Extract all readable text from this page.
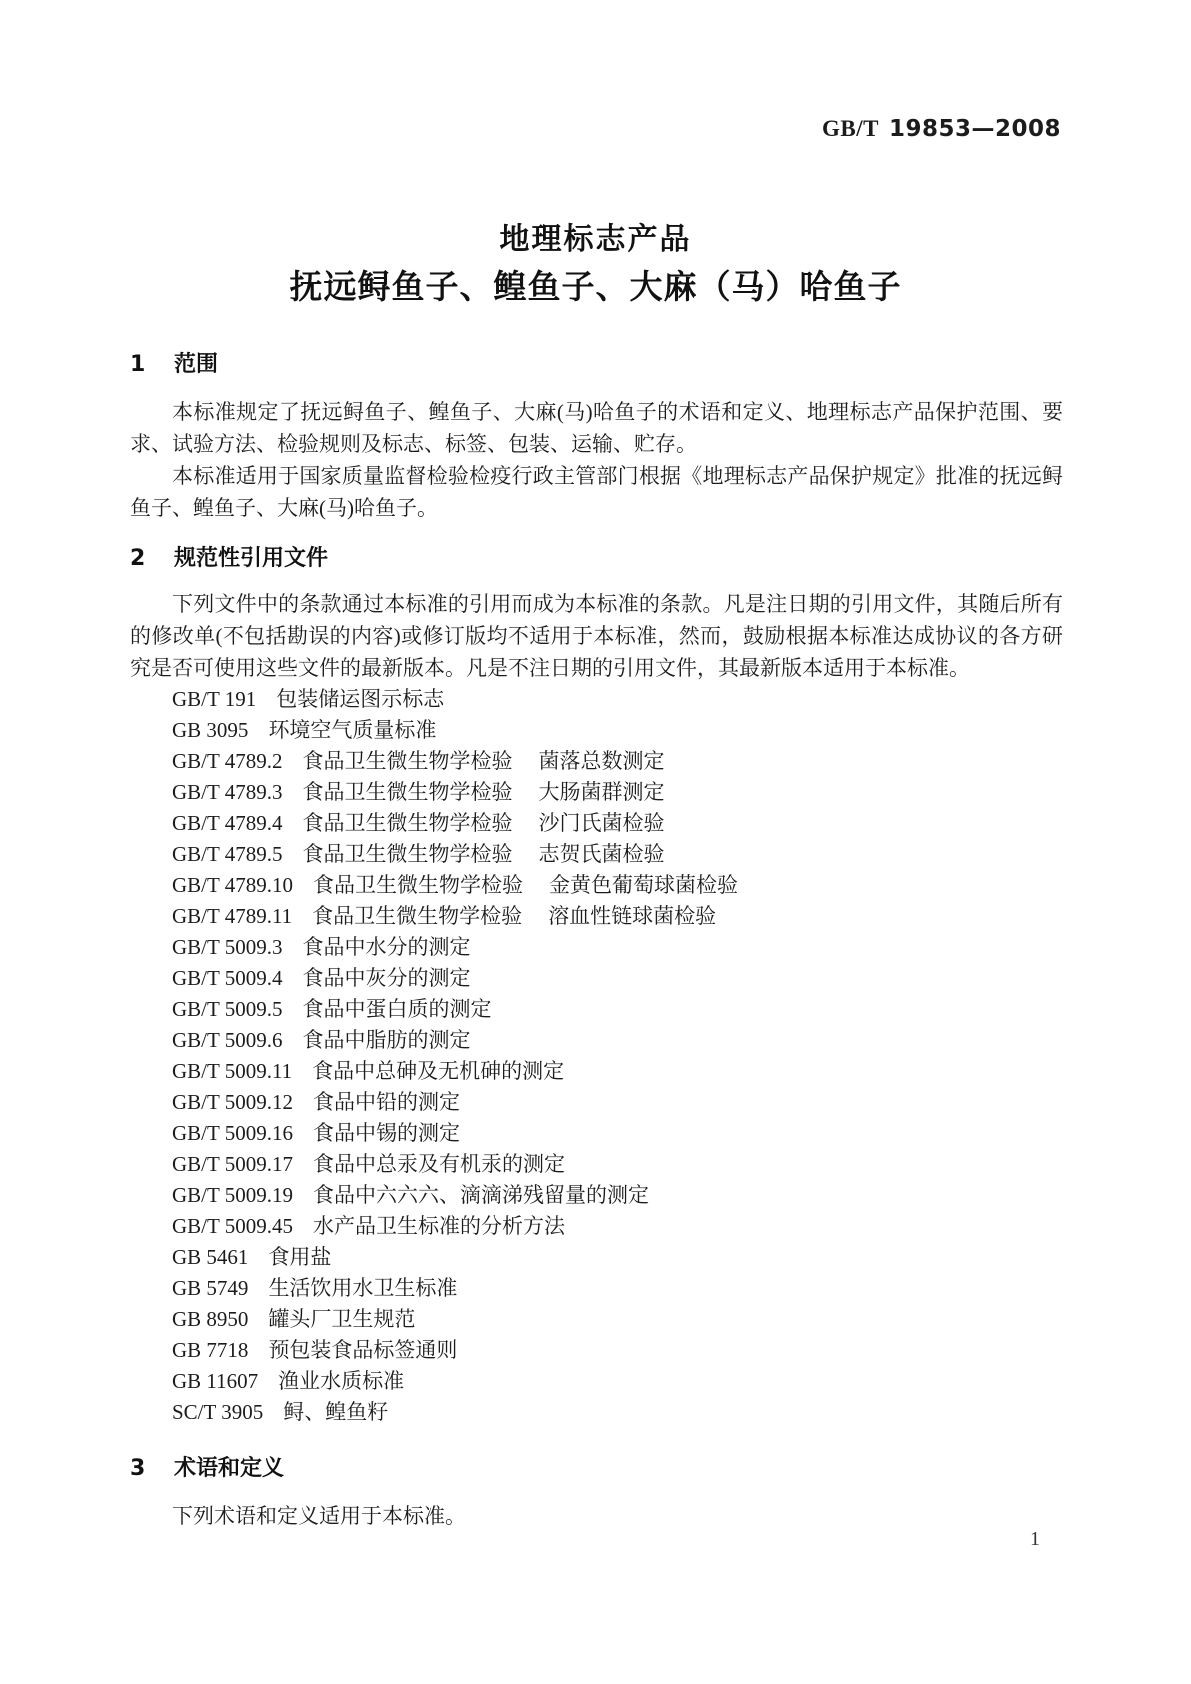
GB/T 19853—2008
地理标志产品
抚远鲟鱼子、鳇鱼子、大麻（马）哈鱼子
1 范围

本标准规定了抚远鲟鱼子、鳇鱼子、大麻(马)哈鱼子的术语和定义、地理标志产品保护范围、要求、试验方法、检验规则及标志、标签、包装、运输、贮存。

本标准适用于国家质量监督检验检疫行政主管部门根据《地理标志产品保护规定》批准的抚远鲟鱼子、鳇鱼子、大麻(马)哈鱼子。

2 规范性引用文件

下列文件中的条款通过本标准的引用而成为本标准的条款。凡是注日期的引用文件，其随后所有的修改单(不包括勘误的内容)或修订版均不适用于本标准，然而，鼓励根据本标准达成协议的各方研究是否可使用这些文件的最新版本。凡是不注日期的引用文件，其最新版本适用于本标准。

GB/T 191 包装储运图示标志
GB 3095 环境空气质量标准
GB/T 4789.2 食品卫生微生物学检验 菌落总数测定
GB/T 4789.3 食品卫生微生物学检验 大肠菌群测定
GB/T 4789.4 食品卫生微生物学检验 沙门氏菌检验
GB/T 4789.5 食品卫生微生物学检验 志贺氏菌检验
GB/T 4789.10 食品卫生微生物学检验 金黄色葡萄球菌检验
GB/T 4789.11 食品卫生微生物学检验 溶血性链球菌检验
GB/T 5009.3 食品中水分的测定
GB/T 5009.4 食品中灰分的测定
GB/T 5009.5 食品中蛋白质的测定
GB/T 5009.6 食品中脂肪的测定
GB/T 5009.11 食品中总砷及无机砷的测定
GB/T 5009.12 食品中铅的测定
GB/T 5009.16 食品中锡的测定
GB/T 5009.17 食品中总汞及有机汞的测定
GB/T 5009.19 食品中六六六、滴滴涕残留量的测定
GB/T 5009.45 水产品卫生标准的分析方法
GB 5461 食用盐
GB 5749 生活饮用水卫生标准
GB 8950 罐头厂卫生规范
GB 7718 预包装食品标签通则
GB 11607 渔业水质标准
SC/T 3905 鲟、鳇鱼籽
3 术语和定义

下列术语和定义适用于本标准。

1
